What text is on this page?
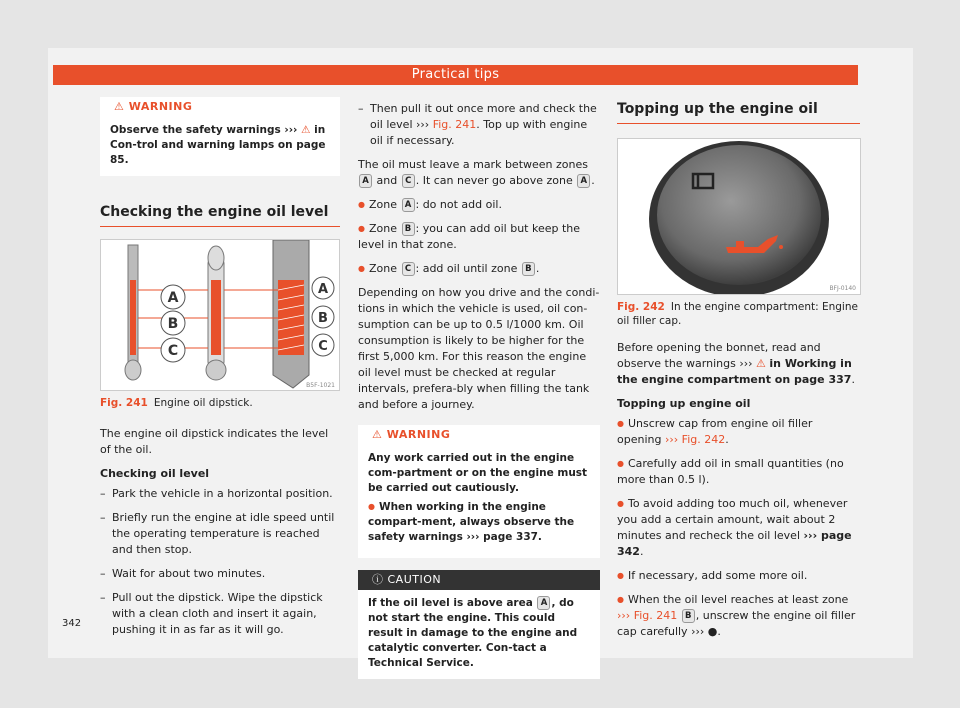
Practical tips
⚠ WARNING
Observe the safety warnings ››› ⚠ in Con-trol and warning lamps on page 85.
Checking the engine oil level
A
B
C
A
B
C
B5F-1021
Fig. 241 Engine oil dipstick.

The engine oil dipstick indicates the level of the oil.

Checking oil level

– Park the vehicle in a horizontal position.

– Briefly run the engine at idle speed until the operating temperature is reached and then stop.

– Wait for about two minutes.

– Pull out the dipstick. Wipe the dipstick with a clean cloth and insert it again, pushing it in as far as it will go.

– Then pull it out once more and check the oil level ››› Fig. 241. Top up with engine oil if necessary.

The oil must leave a mark between zones A and C . It can never go above zone A .

● Zone A : do not add oil.

● Zone B : you can add oil but keep the level in that zone.

● Zone C : add oil until zone B .

Depending on how you drive and the condi-tions in which the vehicle is used, oil con-sumption can be up to 0.5 l/1000 km. Oil consumption is likely to be higher for the first 5,000 km. For this reason the engine oil level must be checked at regular intervals, prefera-bly when filling the tank and before a journey.

⚠ WARNING
Any work carried out in the engine com-partment or on the engine must be carried out cautiously.
● When working in the engine compart-ment, always observe the safety warnings ››› page 337.
ⓘ CAUTION
If the oil level is above area A , do not start the engine. This could result in damage to the engine and catalytic converter. Con-tact a Technical Service.
Topping up the engine oil
BFJ-0140
Fig. 242 In the engine compartment: Engine oil filler cap.

Before opening the bonnet, read and observe the warnings ››› ⚠ in Working in the engine compartment on page 337.

Topping up engine oil

● Unscrew cap from engine oil filler opening ››› Fig. 242.

● Carefully add oil in small quantities (no more than 0.5 l).

● To avoid adding too much oil, whenever you add a certain amount, wait about 2 minutes and recheck the oil level ››› page 342.

● If necessary, add some more oil.

● When the oil level reaches at least zone ››› Fig. 241 B , unscrew the engine oil filler cap carefully ››› ●.

342
